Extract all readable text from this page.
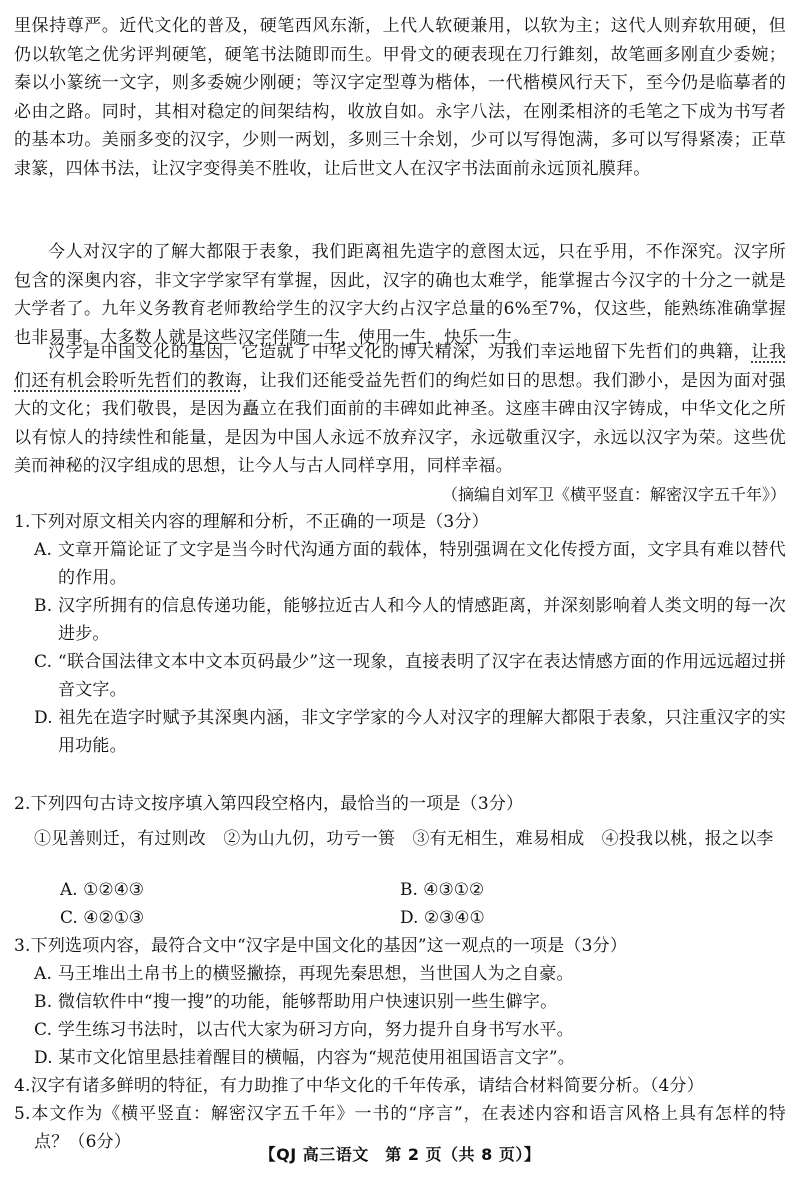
里保持尊严。近代文化的普及，硬笔西风东渐，上代人软硬兼用，以软为主；这代人则弃软用硬，但仍以软笔之优劣评判硬笔，硬笔书法随即而生。甲骨文的硬表现在刀行錐刻，故笔画多刚直少委婉；秦以小篆统一文字，则多委婉少刚硬；等汉字定型尊为楷体，一代楷模风行天下，至今仍是临摹者的必由之路。同时，其相对稳定的间架结构，收放自如。永字八法，在刚柔相济的毛笔之下成为书写者的基本功。美丽多变的汉字，少则一两划，多则三十余划，少可以写得饱满，多可以写得紧凑；正草隶篆，四体书法，让汉字变得美不胜收，让后世文人在汉字书法面前永远顶礼膜拜。

今人对汉字的了解大都限于表象，我们距离祖先造字的意图太远，只在乎用，不作深究。汉字所包含的深奥内容，非文字学家罕有掌握，因此，汉字的确也太难学，能掌握古今汉字的十分之一就是大学者了。九年义务教育老师教给学生的汉字大约占汉字总量的6%至7%，仅这些，能熟练准确掌握也非易事。大多数人就是这些汉字伴随一生，使用一生，快乐一生。

汉字是中国文化的基因，它造就了中华文化的博大精深，为我们幸运地留下先哲们的典籍，让我们还有机会聆听先哲们的教诲，让我们还能受益先哲们的绚烂如日的思想。我们渺小，是因为面对强大的文化；我们敬畏，是因为矗立在我们面前的丰碑如此神圣。这座丰碑由汉字铸成，中华文化之所以有惊人的持续性和能量，是因为中国人永远不放弃汉字，永远敬重汉字，永远以汉字为荣。这些优美而神秘的汉字组成的思想，让今人与古人同样享用，同样幸福。

（摘编自刘军卫《横平竖直：解密汉字五千年》）

1.下列对原文相关内容的理解和分析，不正确的一项是（3分）

A. 文章开篇论证了文字是当今时代沟通方面的载体，特别强调在文化传授方面，文字具有难以替代的作用。

B. 汉字所拥有的信息传递功能，能够拉近古人和今人的情感距离，并深刻影响着人类文明的每一次进步。

C. “联合国法律文本中文本页码最少”这一现象，直接表明了汉字在表达情感方面的作用远远超过拼音文字。

D. 祖先在造字时赋予其深奥内涵，非文字学家的今人对汉字的理解大都限于表象，只注重汉字的实用功能。

2.下列四句古诗文按序填入第四段空格内，最恰当的一项是（3分）

①见善则迁，有过则改　②为山九仞，功亏一篑　③有无相生，难易相成　④投我以桃，报之以李

A. ①②④③	B. ④③①②
C. ④②①③	D. ②③④①

3.下列选项内容，最符合文中“汉字是中国文化的基因”这一观点的一项是（3分）

A. 马王堆出土帛书上的横竖撇捺，再现先秦思想，当世国人为之自豪。

B. 微信软件中“搜一搜”的功能，能够帮助用户快速识别一些生僻字。

C. 学生练习书法时，以古代大家为研习方向，努力提升自身书写水平。

D. 某市文化馆里悬挂着醒目的横幅，内容为“规范使用祖国语言文字”。

4.汉字有诸多鲜明的特征，有力助推了中华文化的千年传承，请结合材料简要分析。（4分）

5.本文作为《横平竖直：解密汉字五千年》一书的“序言”，在表述内容和语言风格上具有怎样的特点？（6分）

【QJ 高三语文　第 2 页（共 8 页）】
